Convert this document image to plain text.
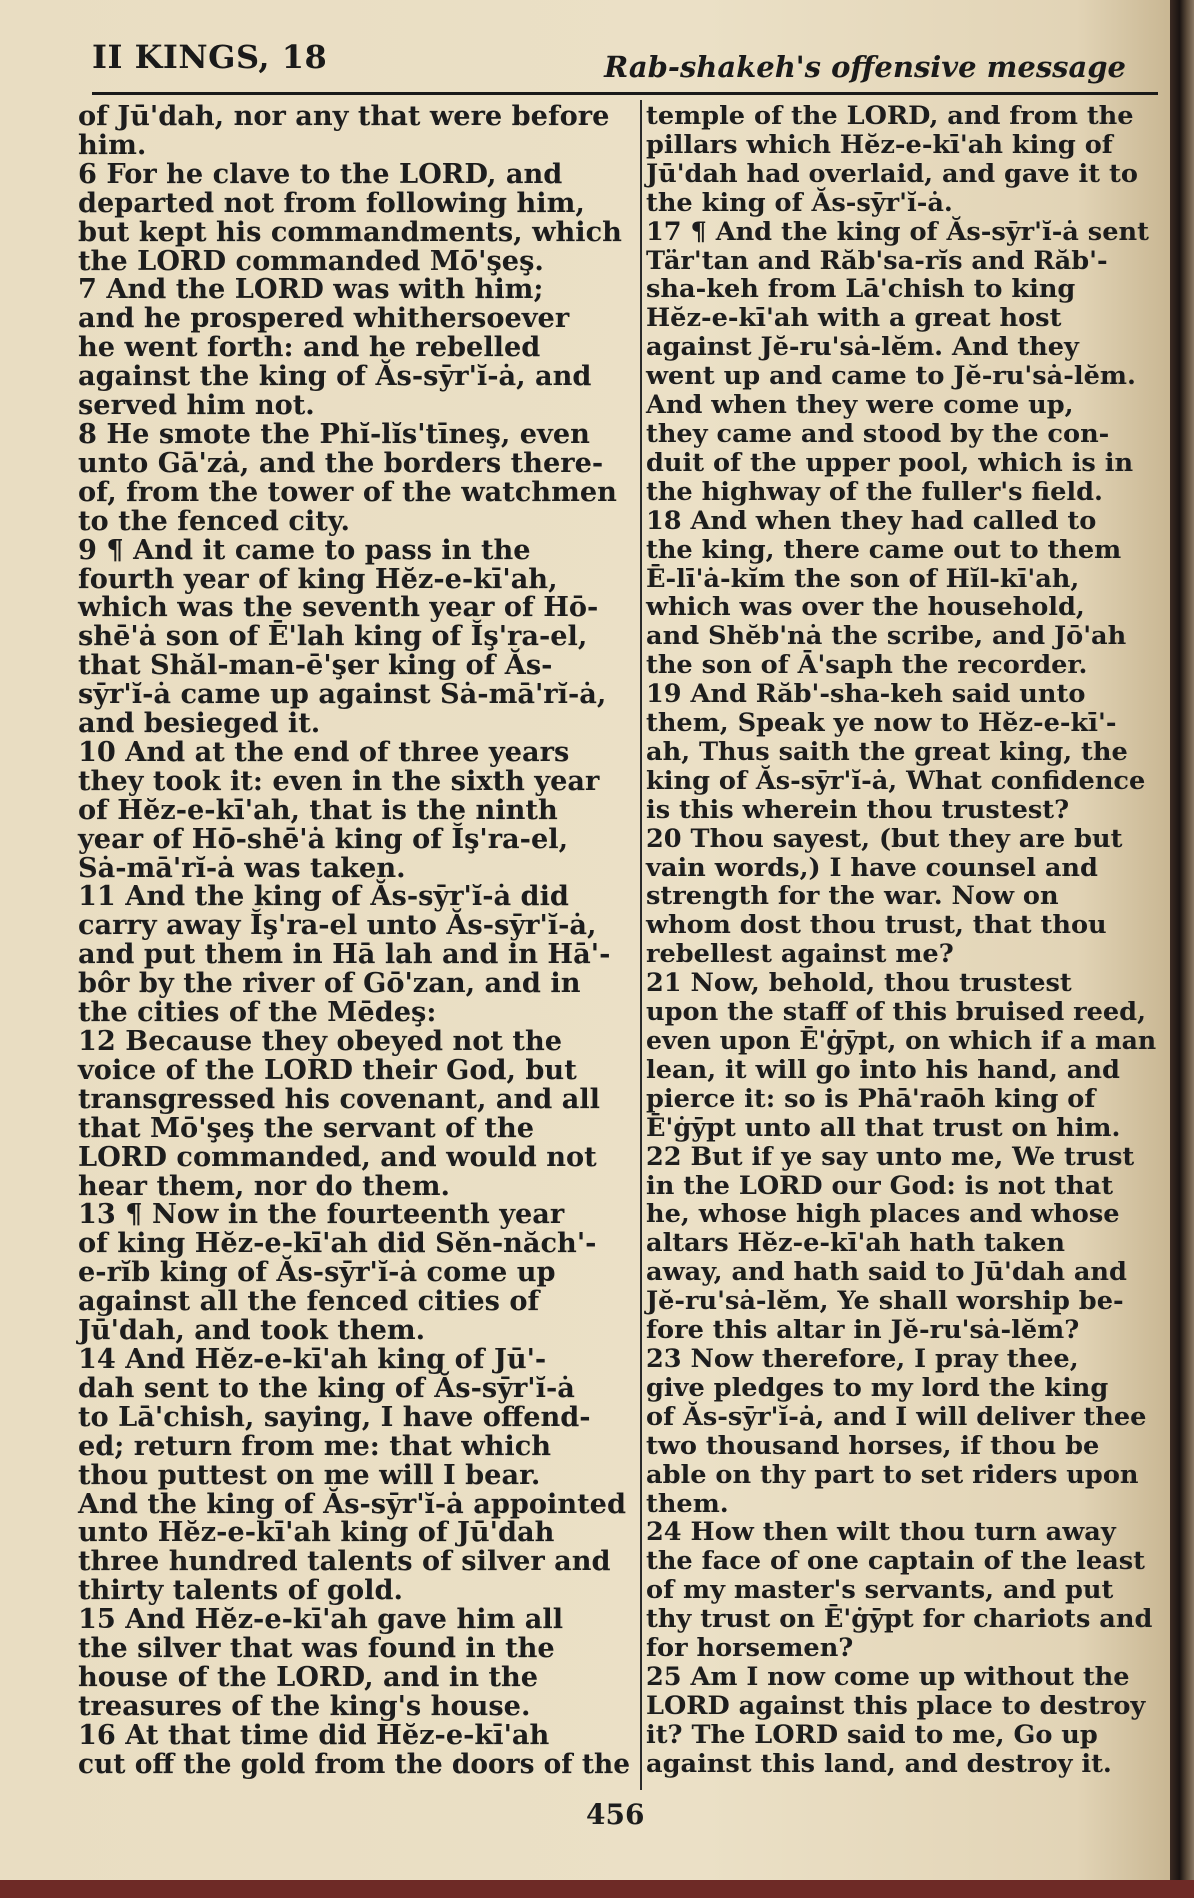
II KINGS, 18	Rab-shakeh's offensive message
of Jū'dah, nor any that were before
him.
6 For he clave to the LORD, and
departed not from following him,
but kept his commandments, which
the LORD commanded Mō'şeş.
7 And the LORD was with him;
and he prospered whithersoever
he went forth: and he rebelled
against the king of Ăs-sȳr'ĭ-ȧ, and
served him not.
8 He smote the Phĭ-lĭs'tīneş, even
unto Gā'zȧ, and the borders there-
of, from the tower of the watchmen
to the fenced city.
9 ¶ And it came to pass in the
fourth year of king Hĕz-e-kī'ah,
which was the seventh year of Hō-
shē'ȧ son of Ē'lah king of Ĭş'ra-el,
that Shăl-man-ē'şer king of Ăs-
sȳr'ĭ-ȧ came up against Sȧ-mā'rĭ-ȧ,
and besieged it.
10 And at the end of three years
they took it: even in the sixth year
of Hĕz-e-kī'ah, that is the ninth
year of Hō-shē'ȧ king of Ĭş'ra-el,
Sȧ-mā'rĭ-ȧ was taken.
11 And the king of Ăs-sȳr'ĭ-ȧ did
carry away Ĭş'ra-el unto Ăs-sȳr'ĭ-ȧ,
and put them in Hā lah and in Hā'-
bôr by the river of Gō'zan, and in
the cities of the Mēdeş:
12 Because they obeyed not the
voice of the LORD their God, but
transgressed his covenant, and all
that Mō'şeş the servant of the
LORD commanded, and would not
hear them, nor do them.
13 ¶ Now in the fourteenth year
of king Hĕz-e-kī'ah did Sĕn-năch'-
e-rĭb king of Ăs-sȳr'ĭ-ȧ come up
against all the fenced cities of
Jū'dah, and took them.
14 And Hĕz-e-kī'ah king of Jū'-
dah sent to the king of Ăs-sȳr'ĭ-ȧ
to Lā'chish, saying, I have offend-
ed; return from me: that which
thou puttest on me will I bear.
And the king of Ăs-sȳr'ĭ-ȧ appointed
unto Hĕz-e-kī'ah king of Jū'dah
three hundred talents of silver and
thirty talents of gold.
15 And Hĕz-e-kī'ah gave him all
the silver that was found in the
house of the LORD, and in the
treasures of the king's house.
16 At that time did Hĕz-e-kī'ah
cut off the gold from the doors of the
temple of the LORD, and from the
pillars which Hĕz-e-kī'ah king of
Jū'dah had overlaid, and gave it to
the king of Ăs-sȳr'ĭ-ȧ.
17 ¶ And the king of Ăs-sȳr'ĭ-ȧ sent
Tär'tan and Răb'sa-rĭs and Răb'-
sha-keh from Lā'chish to king
Hĕz-e-kī'ah with a great host
against Jĕ-ru'sȧ-lĕm. And they
went up and came to Jĕ-ru'sȧ-lĕm.
And when they were come up,
they came and stood by the con-
duit of the upper pool, which is in
the highway of the fuller's field.
18 And when they had called to
the king, there came out to them
Ē-lī'ȧ-kĭm the son of Hĭl-kī'ah,
which was over the household,
and Shĕb'nȧ the scribe, and Jō'ah
the son of Ā'saph the recorder.
19 And Răb'-sha-keh said unto
them, Speak ye now to Hĕz-e-kī'-
ah, Thus saith the great king, the
king of Ăs-sȳr'ĭ-ȧ, What confidence
is this wherein thou trustest?
20 Thou sayest, (but they are but
vain words,) I have counsel and
strength for the war. Now on
whom dost thou trust, that thou
rebellest against me?
21 Now, behold, thou trustest
upon the staff of this bruised reed,
even upon Ē'ġȳpt, on which if a man
lean, it will go into his hand, and
pierce it: so is Phā'raōh king of
Ē'ġȳpt unto all that trust on him.
22 But if ye say unto me, We trust
in the LORD our God: is not that
he, whose high places and whose
altars Hĕz-e-kī'ah hath taken
away, and hath said to Jū'dah and
Jĕ-ru'sȧ-lĕm, Ye shall worship be-
fore this altar in Jĕ-ru'sȧ-lĕm?
23 Now therefore, I pray thee,
give pledges to my lord the king
of Ăs-sȳr'ĭ-ȧ, and I will deliver thee
two thousand horses, if thou be
able on thy part to set riders upon
them.
24 How then wilt thou turn away
the face of one captain of the least
of my master's servants, and put
thy trust on Ē'ġȳpt for chariots and
for horsemen?
25 Am I now come up without the
LORD against this place to destroy
it? The LORD said to me, Go up
against this land, and destroy it.
456
